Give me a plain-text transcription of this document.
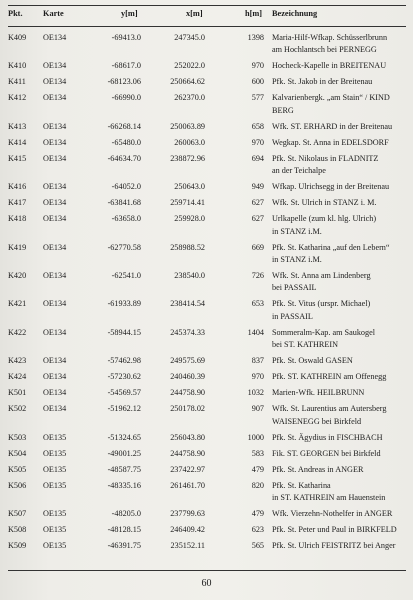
Pkt. Karte	y[m]	x[m]	h[m] Bezeichnung
K409 OE134	-69413.0	247345.0	1398 Maria-Hilf-Wfkap. Schüsserlbrunn
am Hochlantsch bei PERNEGG
K410 OE134	-68617.0	252022.0	970 Hocheck-Kapelle in BREITENAU
K411 OE134	-68123.06	250664.62	600 Pfk. St. Jakob in der Breitenau
K412 OE134	-66990.0	262370.0	577 Kalvarienbergk. „am Stain“ / KIND
BERG
K413 OE134	-66268.14	250063.89	658 Wfk. ST. ERHARD in der Breitenau
K414 OE134	-65480.0	260063.0	970 Wegkap. St. Anna in EDELSDORF
K415 OE134	-64634.70	238872.96	694 Pfk. St. Nikolaus in FLADNITZ
an der Teichalpe
K416 OE134	-64052.0	250643.0	949 Wfkap. Ulrichsegg in der Breitenau
K417 OE134	-63841.68	259714.41	627 Wfk. St. Ulrich in STANZ i. M.
K418 OE134	-63658.0	259928.0	627 Urlkapelle (zum kl. hlg. Ulrich)
in STANZ i.M.
K419 OE134	-62770.58	258988.52	669 Pfk. St. Katharina „auf den Lebern“
in STANZ i.M.
K420 OE134	-62541.0	238540.0	726 Wfk. St. Anna am Lindenberg
bei PASSAIL
K421 OE134	-61933.89	238414.54	653 Pfk. St. Vitus (urspr. Michael)
in PASSAIL
K422 OE134	-58944.15	245374.33	1404 Sommeralm-Kap. am Saukogel
bei ST. KATHREIN
K423 OE134	-57462.98	249575.69	837 Pfk. St. Oswald GASEN
K424 OE134	-57230.62	240460.39	970 Pfk. ST. KATHREIN am Offenegg
K501 OE134	-54569.57	244758.90	1032 Marien-Wfk. HEILBRUNN
K502 OE134	-51962.12	250178.02	907 Wfk. St. Laurentius am Autersberg
WAISENEGG bei Birkfeld
K503 OE135	-51324.65	256043.80	1000 Pfk. St. Ägydius in FISCHBACH
K504 OE135	-49001.25	244758.90	583 Fik. ST. GEORGEN bei Birkfeld
K505 OE135	-48587.75	237422.97	479 Pfk. St. Andreas in ANGER
K506 OE135	-48335.16	261461.70	820 Pfk. St. Katharina
in ST. KATHREIN am Hauenstein
K507 OE135	-48205.0	237799.63	479 Wfk. Vierzehn-Nothelfer in ANGER
K508 OE135	-48128.15	246409.42	623 Pfk. St. Peter und Paul in BIRKFELD
K509 OE135	-46391.75	235152.11	565 Pfk. St. Ulrich FEISTRITZ bei Anger
60
